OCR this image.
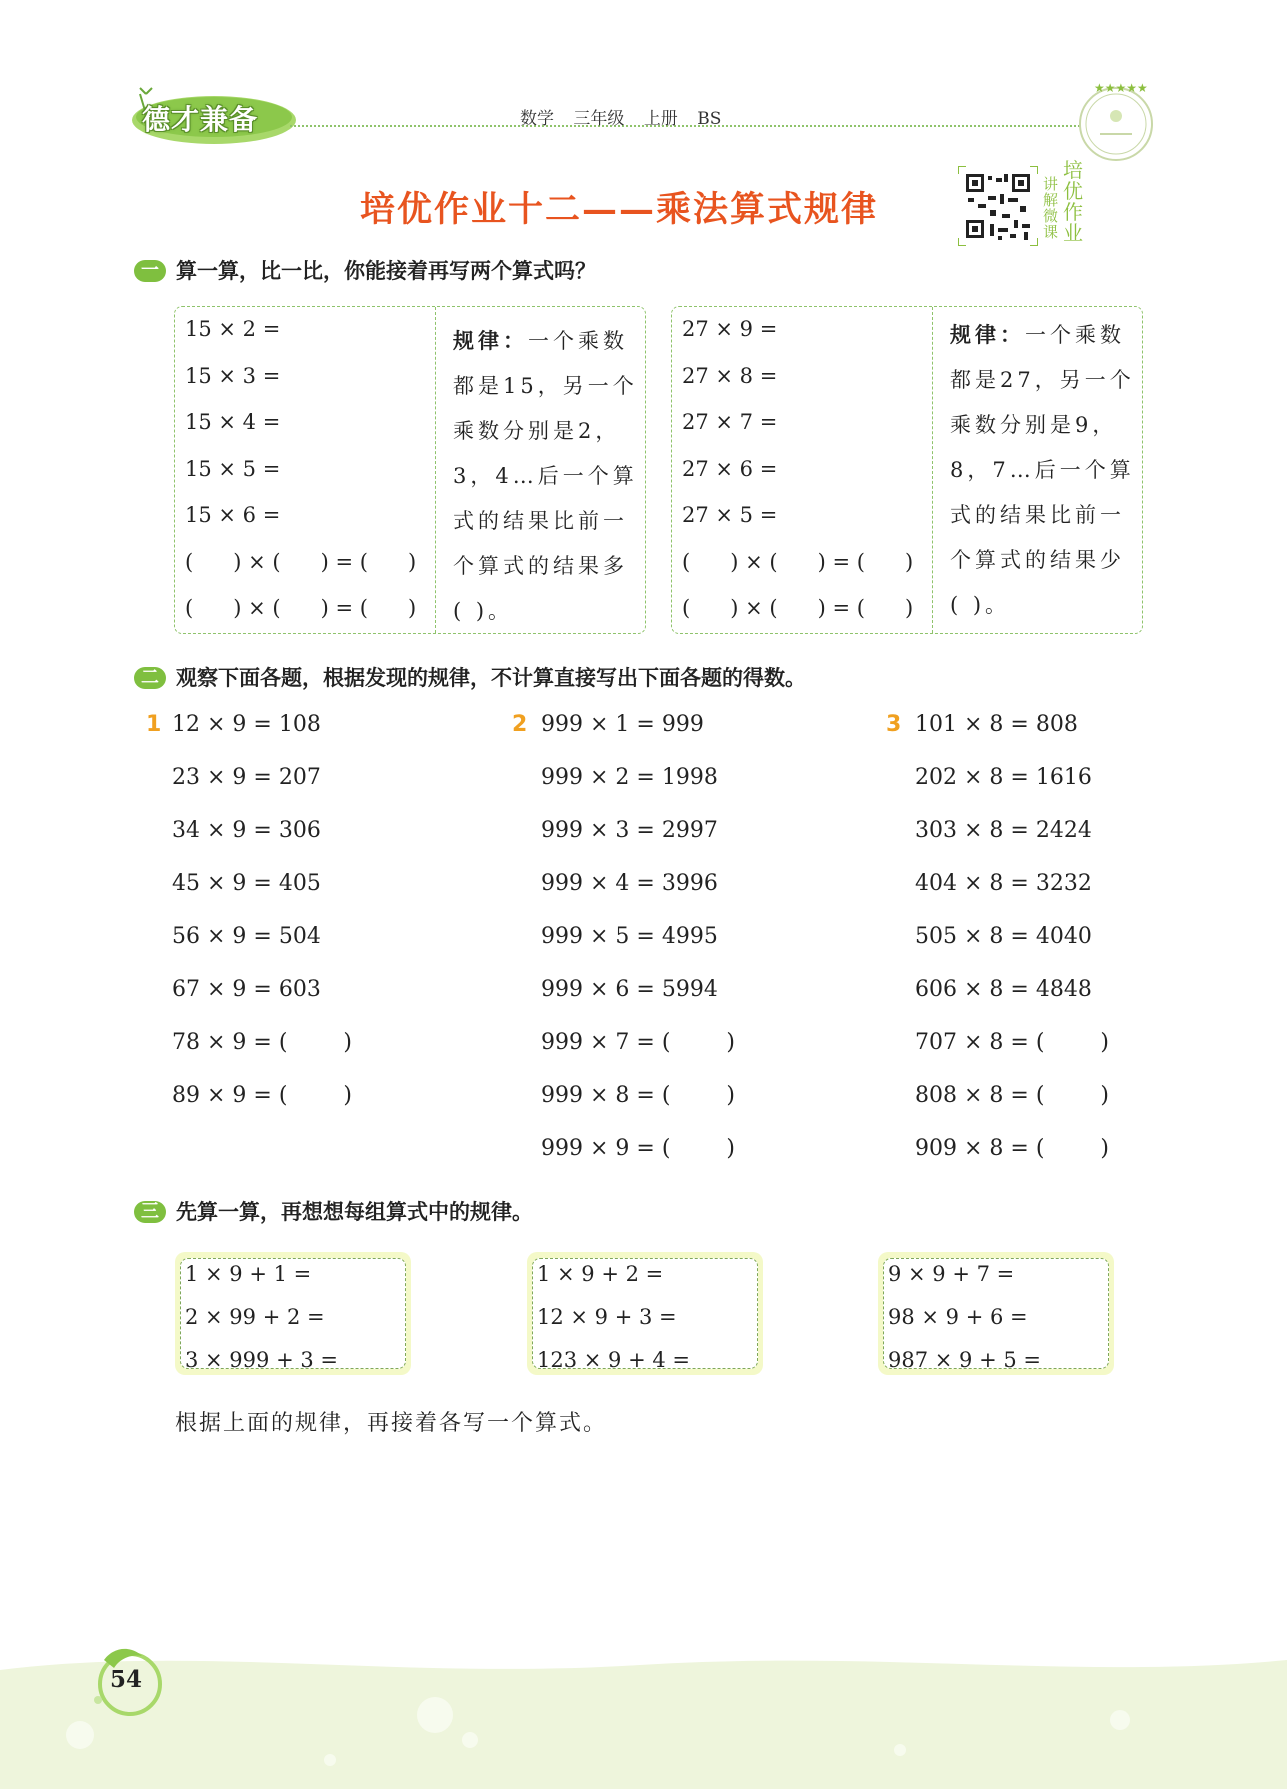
德才兼备	数学 三年级 上册 BS
★★★★★
培优作业十二——乘法算式规律
讲解微课
培优作业
一 算一算，比一比，你能接着再写两个算式吗？
15 × 2 =
15 × 3 =
15 × 4 =
15 × 5 =
15 × 6 =
(      ) × (      ) = (      )
(      ) × (      ) = (      )
规律：一个乘数都是15，另一个乘数分别是2，3，4…后一个算式的结果比前一个算式的结果多( )。
27 × 9 =
27 × 8 =
27 × 7 =
27 × 6 =
27 × 5 =
(      ) × (      ) = (      )
(      ) × (      ) = (      )
规律：一个乘数都是27，另一个乘数分别是9，8，7…后一个算式的结果比前一个算式的结果少( )。
二 观察下面各题，根据发现的规律，不计算直接写出下面各题的得数。
1 12 × 9 = 108
23 × 9 = 207
34 × 9 = 306
45 × 9 = 405
56 × 9 = 504
67 × 9 = 603
78 × 9 = (        )
89 × 9 = (        )
2 999 × 1 = 999
999 × 2 = 1998
999 × 3 = 2997
999 × 4 = 3996
999 × 5 = 4995
999 × 6 = 5994
999 × 7 = (        )
999 × 8 = (        )
999 × 9 = (        )
3 101 × 8 = 808
202 × 8 = 1616
303 × 8 = 2424
404 × 8 = 3232
505 × 8 = 4040
606 × 8 = 4848
707 × 8 = (        )
808 × 8 = (        )
909 × 8 = (        )
三 先算一算，再想想每组算式中的规律。
1 × 9 + 1 =
2 × 99 + 2 =
3 × 999 + 3 =
1 × 9 + 2 =
12 × 9 + 3 =
123 × 9 + 4 =
9 × 9 + 7 =
98 × 9 + 6 =
987 × 9 + 5 =
根据上面的规律，再接着各写一个算式。
54
